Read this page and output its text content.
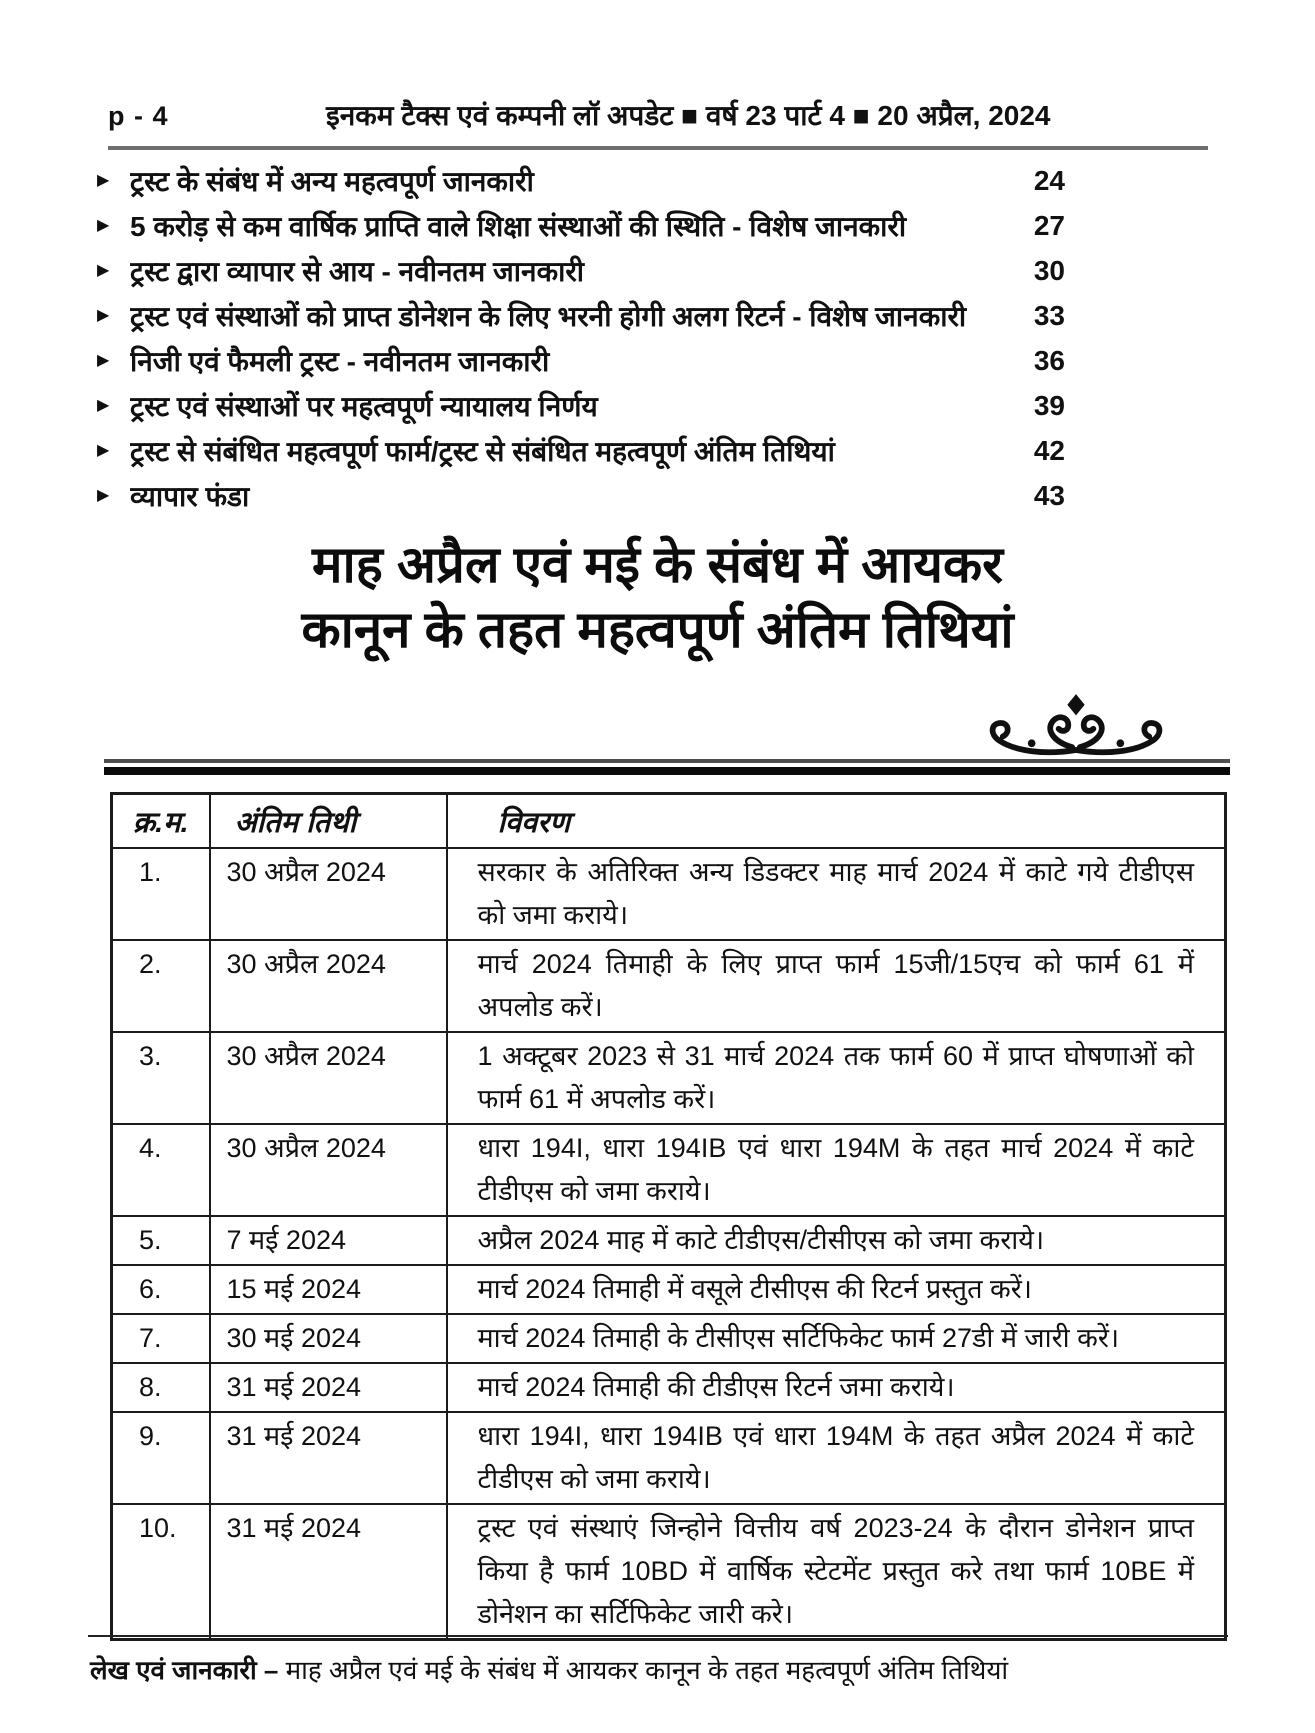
p - 4	इनकम टैक्स एवं कम्पनी लॉ अपडेट ■ वर्ष 23 पार्ट 4 ■ 20 अप्रैल, 2024
▶ ट्रस्ट के संबंध में अन्य महत्वपूर्ण जानकारी	24
▶ 5 करोड़ से कम वार्षिक प्राप्ति वाले शिक्षा संस्थाओं की स्थिति - विशेष जानकारी	27
▶ ट्रस्ट द्वारा व्यापार से आय - नवीनतम जानकारी	30
▶ ट्रस्ट एवं संस्थाओं को प्राप्त डोनेशन के लिए भरनी होगी अलग रिटर्न - विशेष जानकारी	33
▶ निजी एवं फैमली ट्रस्ट - नवीनतम जानकारी	36
▶ ट्रस्ट एवं संस्थाओं पर महत्वपूर्ण न्यायालय निर्णय	39
▶ ट्रस्ट से संबंधित महत्वपूर्ण फार्म/ट्रस्ट से संबंधित महत्वपूर्ण अंतिम तिथियां	42
▶ व्यापार फंडा	43
माह अप्रैल एवं मई के संबंध में आयकर
कानून के तहत महत्वपूर्ण अंतिम तिथियां
क्र.म.	अंतिम तिथी	विवरण
1.	30 अप्रैल 2024	सरकार के अतिरिक्त अन्य डिडक्टर माह मार्च 2024 में काटे गये टीडीएस को जमा कराये।
2.	30 अप्रैल 2024	मार्च 2024 तिमाही के लिए प्राप्त फार्म 15जी/15एच को फार्म 61 में अपलोड करें।
3.	30 अप्रैल 2024	1 अक्टूबर 2023 से 31 मार्च 2024 तक फार्म 60 में प्राप्त घोषणाओं को फार्म 61 में अपलोड करें।
4.	30 अप्रैल 2024	धारा 194I, धारा 194IB एवं धारा 194M के तहत मार्च 2024 में काटे टीडीएस को जमा कराये।
5.	7 मई 2024	अप्रैल 2024 माह में काटे टीडीएस/टीसीएस को जमा कराये।
6.	15 मई 2024	मार्च 2024 तिमाही में वसूले टीसीएस की रिटर्न प्रस्तुत करें।
7.	30 मई 2024	मार्च 2024 तिमाही के टीसीएस सर्टिफिकेट फार्म 27डी में जारी करें।
8.	31 मई 2024	मार्च 2024 तिमाही की टीडीएस रिटर्न जमा कराये।
9.	31 मई 2024	धारा 194I, धारा 194IB एवं धारा 194M के तहत अप्रैल 2024 में काटे टीडीएस को जमा कराये।
10.	31 मई 2024	ट्रस्ट एवं संस्थाएं जिन्होने वित्तीय वर्ष 2023-24 के दौरान डोनेशन प्राप्त किया है फार्म 10BD में वार्षिक स्टेटमेंट प्रस्तुत करे तथा फार्म 10BE में डोनेशन का सर्टिफिकेट जारी करे।
लेख एवं जानकारी – माह अप्रैल एवं मई के संबंध में आयकर कानून के तहत महत्वपूर्ण अंतिम तिथियां
